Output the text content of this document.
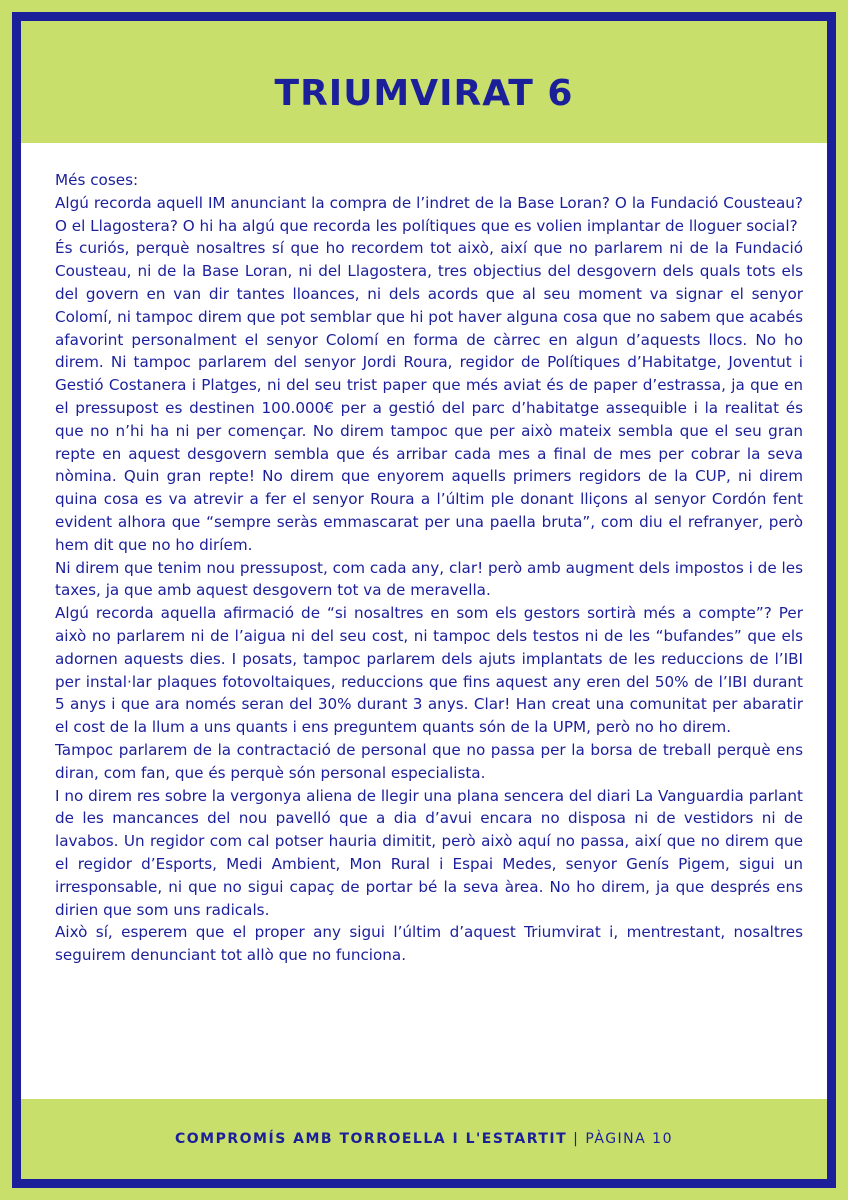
TRIUMVIRAT 6

Més coses:

Algú recorda aquell IM anunciant la compra de l’indret de la Base Loran? O la Fundació Cousteau? O el Llagostera? O hi ha algú que recorda les polítiques que es volien implantar de lloguer social?

És curiós, perquè nosaltres sí que ho recordem tot això, així que no parlarem ni de la Fundació Cousteau, ni de la Base Loran, ni del Llagostera, tres objectius del desgovern dels quals tots els del govern en van dir tantes lloances, ni dels acords que al seu moment va signar el senyor Colomí, ni tampoc direm que pot semblar que hi pot haver alguna cosa que no sabem que acabés afavorint personalment el senyor Colomí en forma de càrrec en algun d’aquests llocs. No ho direm. Ni tampoc parlarem del senyor Jordi Roura, regidor de Polítiques d’Habitatge, Joventut i Gestió Costanera i Platges, ni del seu trist paper que més aviat és de paper d’estrassa, ja que en el pressupost es destinen 100.000€ per a gestió del parc d’habitatge assequible i la realitat és que no n’hi ha ni per començar. No direm tampoc que per això mateix sembla que el seu gran repte en aquest desgovern sembla que és arribar cada mes a final de mes per cobrar la seva nòmina. Quin gran repte! No direm que enyorem aquells primers regidors de la CUP, ni direm quina cosa es va atrevir a fer el senyor Roura a l’últim ple donant lliçons al senyor Cordón fent evident alhora que “sempre seràs emmascarat per una paella bruta”, com diu el refranyer, però hem dit que no ho diríem.

Ni direm que tenim nou pressupost, com cada any, clar! però amb augment dels impostos i de les taxes, ja que amb aquest desgovern tot va de meravella.

Algú recorda aquella afirmació de “si nosaltres en som els gestors sortirà més a compte”? Per això no parlarem ni de l’aigua ni del seu cost, ni tampoc dels testos ni de les “bufandes” que els adornen aquests dies. I posats, tampoc parlarem dels ajuts implantats de les reduccions de l’IBI per instal·lar plaques fotovoltaiques, reduccions que fins aquest any eren del 50% de l’IBI durant 5 anys i que ara només seran del 30% durant 3 anys. Clar! Han creat una comunitat per abaratir el cost de la llum a uns quants i ens preguntem quants són de la UPM, però no ho direm.

Tampoc parlarem de la contractació de personal que no passa per la borsa de treball perquè ens diran, com fan, que és perquè són personal especialista.

I no direm res sobre la vergonya aliena de llegir una plana sencera del diari La Vanguardia parlant de les mancances del nou pavelló que a dia d’avui encara no disposa ni de vestidors ni de lavabos. Un regidor com cal potser hauria dimitit, però això aquí no passa, així que no direm que el regidor d’Esports, Medi Ambient, Mon Rural i Espai Medes, senyor Genís Pigem, sigui un irresponsable, ni que no sigui capaç de portar bé la seva àrea. No ho direm, ja que després ens dirien que som uns radicals.

Això sí, esperem que el proper any sigui l’últim d’aquest Triumvirat i, mentrestant, nosaltres seguirem denunciant tot allò que no funciona.

COMPROMÍS AMB TORROELLA I L'ESTARTIT | PÀGINA 10
